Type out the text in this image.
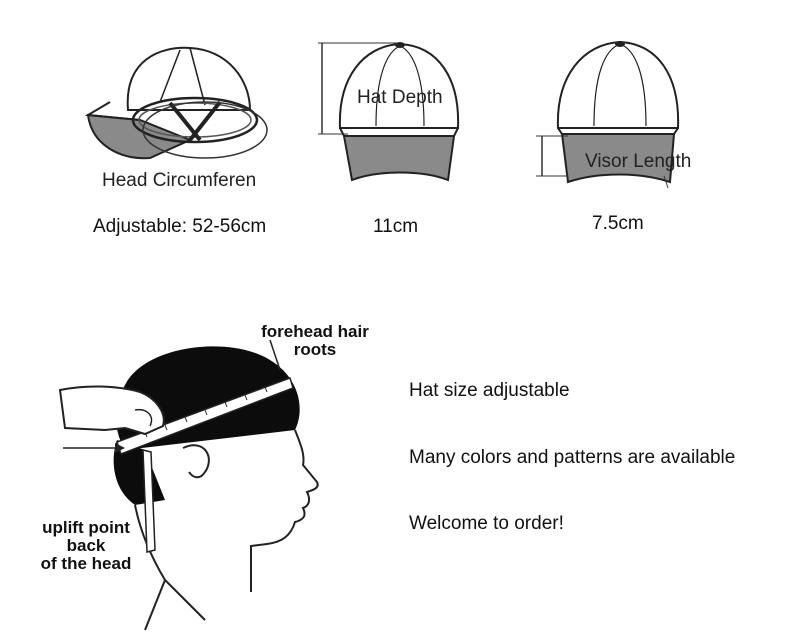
Head Circumferen
Adjustable: 52-56cm
Hat Depth
11cm
Visor Length
7.5cm
forehead hair
roots
uplift point
back
of the head
Hat size adjustable
Many colors and patterns are available
Welcome to order!
